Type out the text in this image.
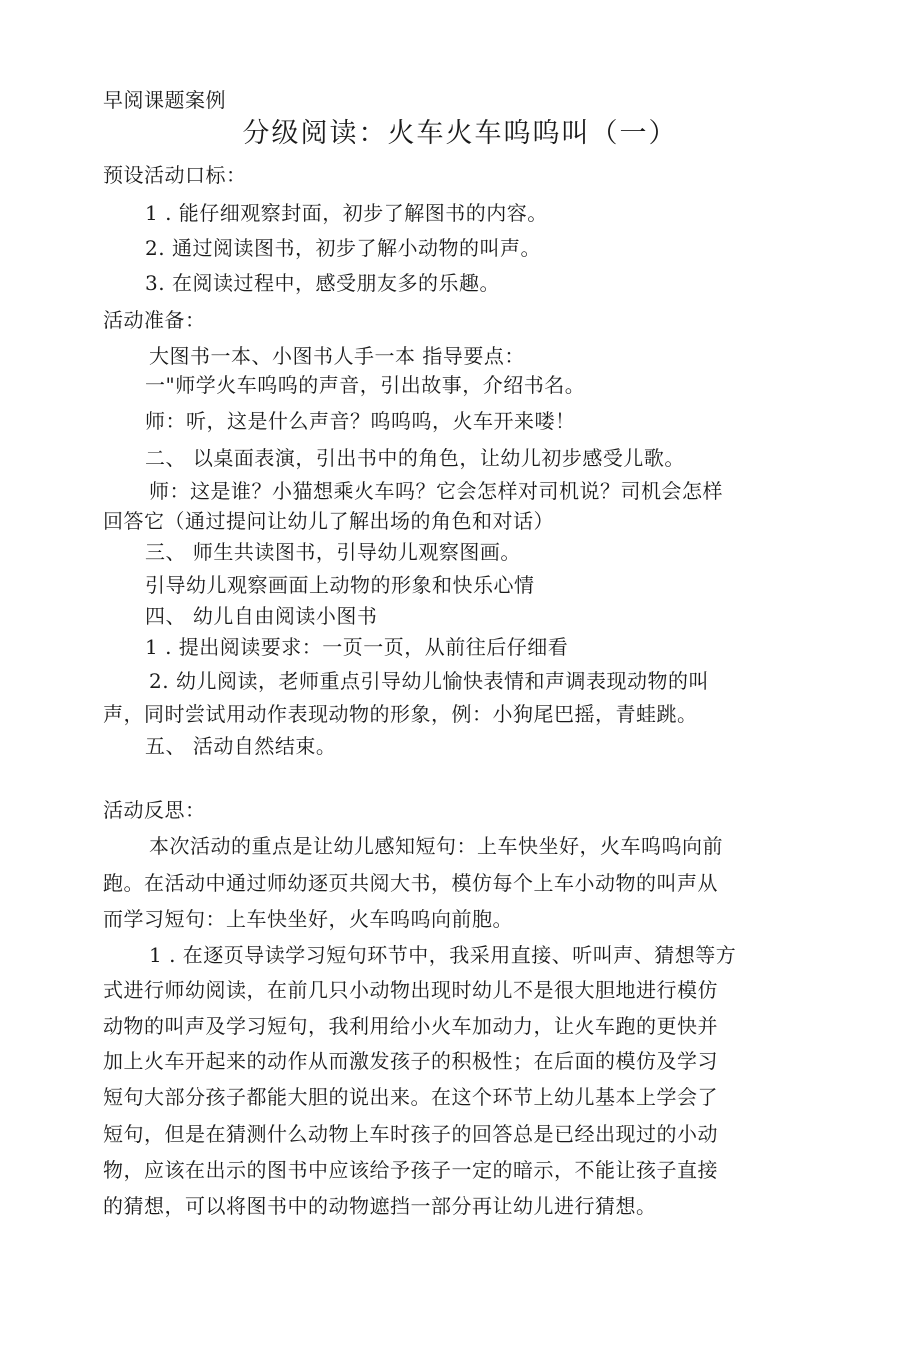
早阅课题案例
分级阅读：火车火车呜呜叫（一）
预设活动口标：
1 . 能仔细观察封面，初步了解图书的内容。
2. 通过阅读图书，初步了解小动物的叫声。
3. 在阅读过程中，感受朋友多的乐趣。
活动准备：
大图书一本、小图书人手一本 指导要点：
一"师学火车呜呜的声音，引出故事，介绍书名。
师：听，这是什么声音？呜呜呜，火车开来喽！
二、 以桌面表演，引出书中的角色，让幼儿初步感受儿歌。
师：这是谁？小猫想乘火车吗？它会怎样对司机说？司机会怎样
回答它（通过提问让幼儿了解出场的角色和对话）
三、 师生共读图书，引导幼儿观察图画。
引导幼儿观察画面上动物的形象和快乐心情
四、 幼儿自由阅读小图书
1 . 提出阅读要求：一页一页，从前往后仔细看
2. 幼儿阅读，老师重点引导幼儿愉快表情和声调表现动物的叫
声，同时尝试用动作表现动物的形象，例：小狗尾巴摇，青蛙跳。
五、 活动自然结束。
活动反思：
本次活动的重点是让幼儿感知短句：上车快坐好，火车呜呜向前
跑。在活动中通过师幼逐页共阅大书，模仿每个上车小动物的叫声从
而学习短句：上车快坐好，火车呜呜向前胞。
1 . 在逐页导读学习短句环节中，我采用直接、听叫声、猜想等方
式进行师幼阅读，在前几只小动物出现时幼儿不是很大胆地进行模仿
动物的叫声及学习短句，我利用给小火车加动力，让火车跑的更快并
加上火车开起来的动作从而激发孩子的积极性；在后面的模仿及学习
短句大部分孩子都能大胆的说出来。在这个环节上幼儿基本上学会了
短句，但是在猜测什么动物上车时孩子的回答总是已经出现过的小动
物，应该在出示的图书中应该给予孩子一定的暗示，不能让孩子直接
的猜想，可以将图书中的动物遮挡一部分再让幼儿进行猜想。
